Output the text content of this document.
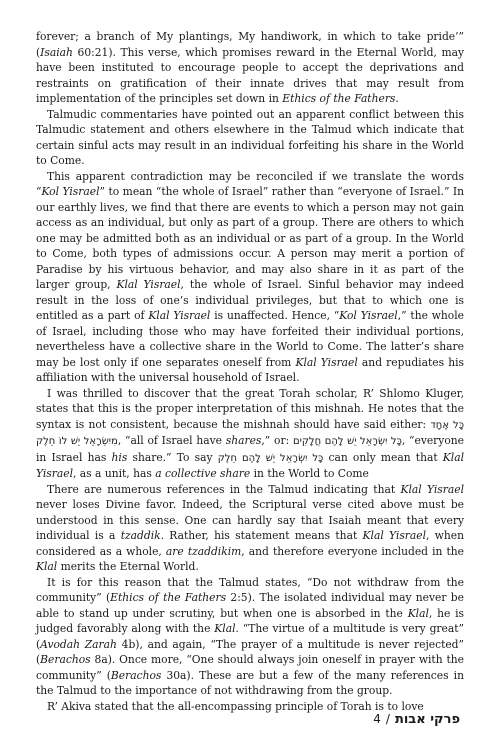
forever; a branch of My plantings, My handiwork, in which to take pride’” (Isaiah 60:21). This verse, which promises reward in the Eternal World, may have been instituted to encourage people to accept the deprivations and restraints on gratification of their innate drives that may result from implementation of the principles set down in Ethics of the Fathers.

Talmudic commentaries have pointed out an apparent conflict between this Talmudic statement and others elsewhere in the Talmud which indicate that certain sinful acts may result in an individual forfeiting his share in the World to Come.

This apparent contradiction may be reconciled if we translate the words “Kol Yisrael” to mean “the whole of Israel” rather than “everyone of Israel.” In our earthly lives, we find that there are events to which a person may not gain access as an individual, but only as part of a group. There are others to which one may be admitted both as an individual or as part of a group. In the World to Come, both types of admissions occur. A person may merit a portion of Paradise by his virtuous behavior, and may also share in it as part of the larger group, Klal Yisrael, the whole of Israel. Sinful behavior may indeed result in the loss of one’s individual privileges, but that to which one is entitled as a part of Klal Yisrael is unaffected. Hence, “Kol Yisrael,” the whole of Israel, including those who may have forfeited their individual portions, nevertheless have a collective share in the World to Come. The latter’s share may be lost only if one separates oneself from Klal Yisrael and repudiates his affiliation with the universal household of Israel.

I was thrilled to discover that the great Torah scholar, R’ Shlomo Kluger, states that this is the proper interpretation of this mishnah. He notes that the syntax is not consistent, because the mishnah should have said either: כָּל אֶחָד מִיִשְׂרָאֵל יֵשׁ לוֹ חֵלֶק, “all of Israel have shares,” or: כָּל יִשְׂרָאֵל יֵשׁ לָהֶם חֲלָקִים, “everyone in Israel has his share.” To say כָּל יִשְׂרָאֵל יֵשׁ לָהֶם חֵלֶק can only mean that Klal Yisrael, as a unit, has a collective share in the World to Come

There are numerous references in the Talmud indicating that Klal Yisrael never loses Divine favor. Indeed, the Scriptural verse cited above must be understood in this sense. One can hardly say that Isaiah meant that every individual is a tzaddik. Rather, his statement means that Klal Yisrael, when considered as a whole, are tzaddikim, and therefore everyone included in the Klal merits the Eternal World.

It is for this reason that the Talmud states, “Do not withdraw from the community” (Ethics of the Fathers 2:5). The isolated individual may never be able to stand up under scrutiny, but when one is absorbed in the Klal, he is judged favorably along with the Klal. “The virtue of a multitude is very great” (Avodah Zarah 4b), and again, “The prayer of a multitude is never rejected” (Berachos 8a). Once more, “One should always join oneself in prayer with the community” (Berachos 30a). These are but a few of the many references in the Talmud to the importance of not withdrawing from the group.

R’ Akiva stated that the all-encompassing principle of Torah is to love

4 / פרקי אבות
